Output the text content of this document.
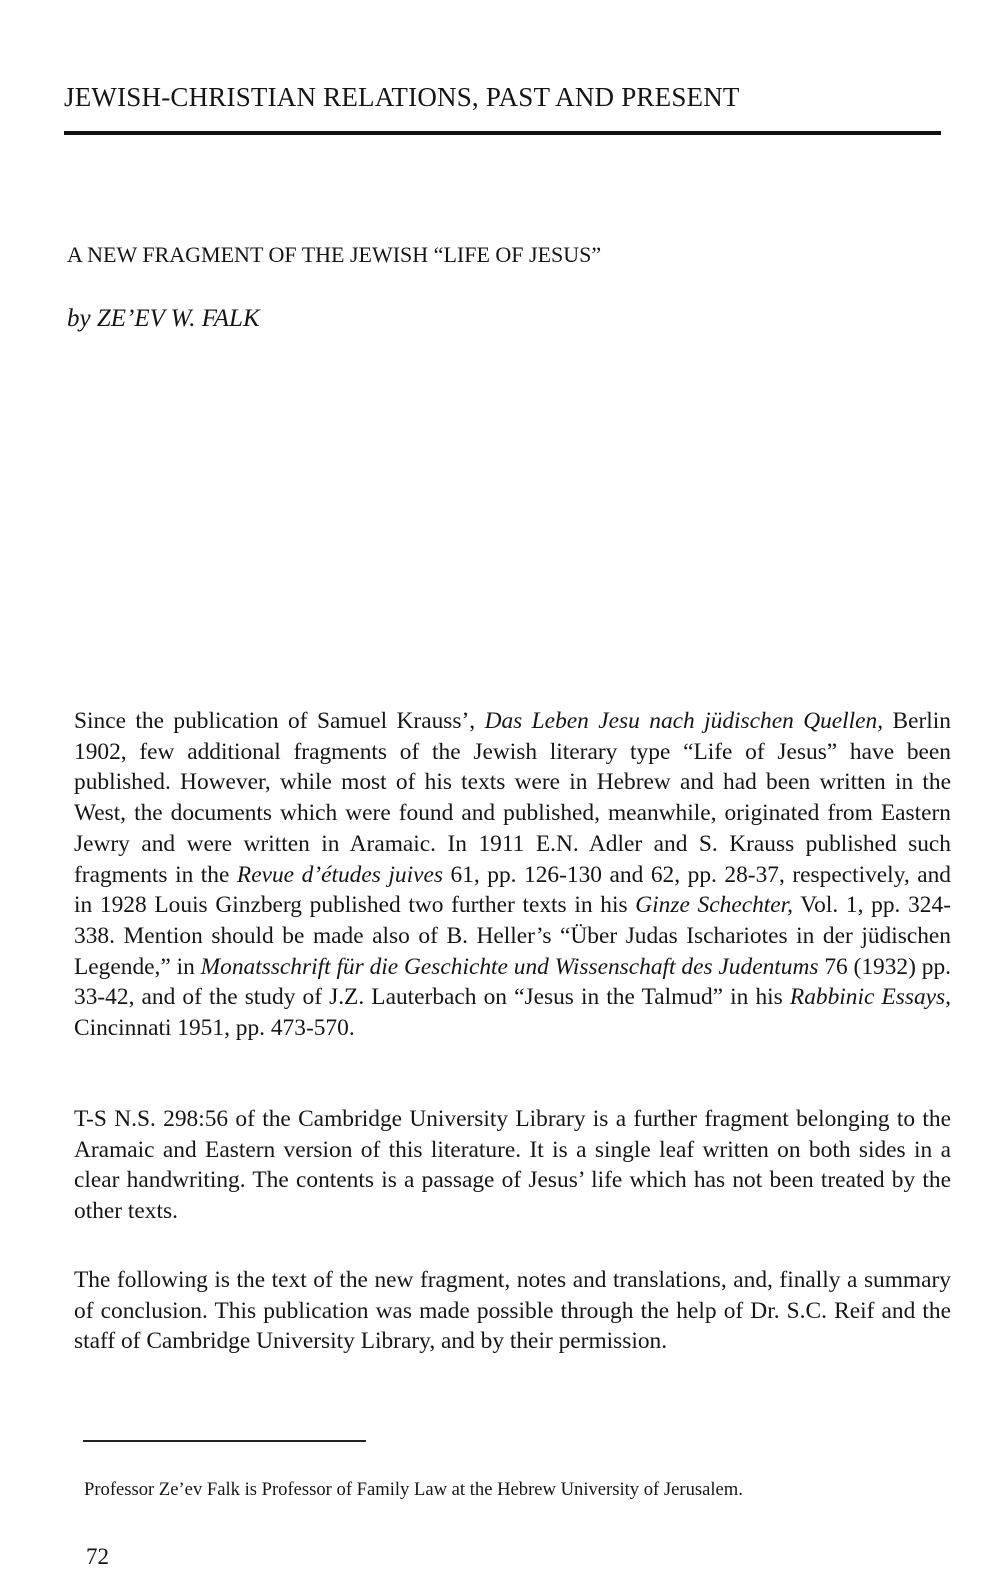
JEWISH-CHRISTIAN RELATIONS, PAST AND PRESENT
A NEW FRAGMENT OF THE JEWISH “LIFE OF JESUS”
by ZE’EV W. FALK

Since the publication of Samuel Krauss’, Das Leben Jesu nach jüdischen Quellen, Berlin 1902, few additional fragments of the Jewish literary type “Life of Jesus” have been published. However, while most of his texts were in Hebrew and had been written in the West, the documents which were found and published, meanwhile, originated from Eastern Jewry and were written in Aramaic. In 1911 E.N. Adler and S. Krauss published such fragments in the Revue d’études juives 61, pp. 126-130 and 62, pp. 28-37, respectively, and in 1928 Louis Ginzberg published two further texts in his Ginze Schechter, Vol. 1, pp. 324-338. Mention should be made also of B. Heller’s “Über Judas Ischariotes in der jüdischen Legende,” in Monatsschrift für die Geschichte und Wissenschaft des Judentums 76 (1932) pp. 33-42, and of the study of J.Z. Lauterbach on “Jesus in the Talmud” in his Rabbinic Essays, Cincinnati 1951, pp. 473-570.

T-S N.S. 298:56 of the Cambridge University Library is a further fragment belonging to the Aramaic and Eastern version of this literature. It is a single leaf written on both sides in a clear handwriting. The contents is a passage of Jesus’ life which has not been treated by the other texts.

The following is the text of the new fragment, notes and translations, and, finally a summary of conclusion. This publication was made possible through the help of Dr. S.C. Reif and the staff of Cambridge University Library, and by their permission.

Professor Ze’ev Falk is Professor of Family Law at the Hebrew University of Jerusalem.
72
